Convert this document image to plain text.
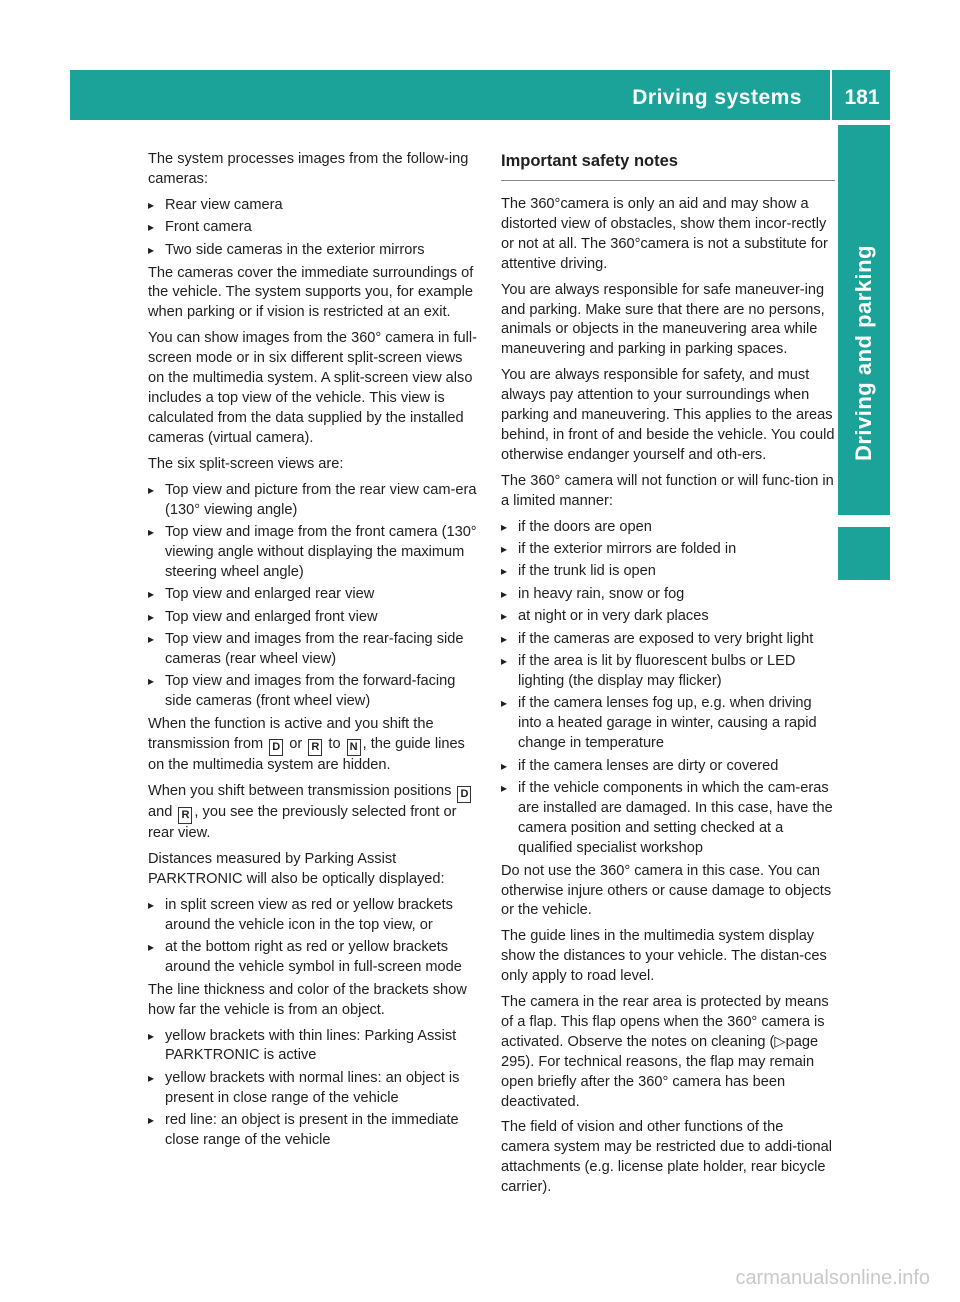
Driving systems	181
Driving and parking

The system processes images from the follow-ing cameras:

▸ Rear view camera
▸ Front camera
▸ Two side cameras in the exterior mirrors

The cameras cover the immediate surroundings of the vehicle. The system supports you, for example when parking or if vision is restricted at an exit.

You can show images from the 360° camera in full-screen mode or in six different split-screen views on the multimedia system. A split-screen view also includes a top view of the vehicle. This view is calculated from the data supplied by the installed cameras (virtual camera).

The six split-screen views are:

▸ Top view and picture from the rear view cam-era (130° viewing angle)
▸ Top view and image from the front camera (130° viewing angle without displaying the maximum steering wheel angle)
▸ Top view and enlarged rear view
▸ Top view and enlarged front view
▸ Top view and images from the rear-facing side cameras (rear wheel view)
▸ Top view and images from the forward-facing side cameras (front wheel view)

When the function is active and you shift the transmission from D or R to N , the guide lines on the multimedia system are hidden.

When you shift between transmission positions D and R , you see the previously selected front or rear view.

Distances measured by Parking Assist PARKTRONIC will also be optically displayed:

▸ in split screen view as red or yellow brackets around the vehicle icon in the top view, or
▸ at the bottom right as red or yellow brackets around the vehicle symbol in full-screen mode

The line thickness and color of the brackets show how far the vehicle is from an object.

▸ yellow brackets with thin lines: Parking Assist PARKTRONIC is active
▸ yellow brackets with normal lines: an object is present in close range of the vehicle
▸ red line: an object is present in the immediate close range of the vehicle
Important safety notes

The 360°camera is only an aid and may show a distorted view of obstacles, show them incor-rectly or not at all. The 360°camera is not a substitute for attentive driving.

You are always responsible for safe maneuver-ing and parking. Make sure that there are no persons, animals or objects in the maneuvering area while maneuvering and parking in parking spaces.

You are always responsible for safety, and must always pay attention to your surroundings when parking and maneuvering. This applies to the areas behind, in front of and beside the vehicle. You could otherwise endanger yourself and oth-ers.

The 360° camera will not function or will func-tion in a limited manner:

▸ if the doors are open
▸ if the exterior mirrors are folded in
▸ if the trunk lid is open
▸ in heavy rain, snow or fog
▸ at night or in very dark places
▸ if the cameras are exposed to very bright light
▸ if the area is lit by fluorescent bulbs or LED lighting (the display may flicker)
▸ if the camera lenses fog up, e.g. when driving into a heated garage in winter, causing a rapid change in temperature
▸ if the camera lenses are dirty or covered
▸ if the vehicle components in which the cam-eras are installed are damaged. In this case, have the camera position and setting checked at a qualified specialist workshop

Do not use the 360° camera in this case. You can otherwise injure others or cause damage to objects or the vehicle.

The guide lines in the multimedia system display show the distances to your vehicle. The distan-ces only apply to road level.

The camera in the rear area is protected by means of a flap. This flap opens when the 360° camera is activated. Observe the notes on cleaning (▷page 295). For technical reasons, the flap may remain open briefly after the 360° camera has been deactivated.

The field of vision and other functions of the camera system may be restricted due to addi-tional attachments (e.g. license plate holder, rear bicycle carrier).

carmanualsonline.info
